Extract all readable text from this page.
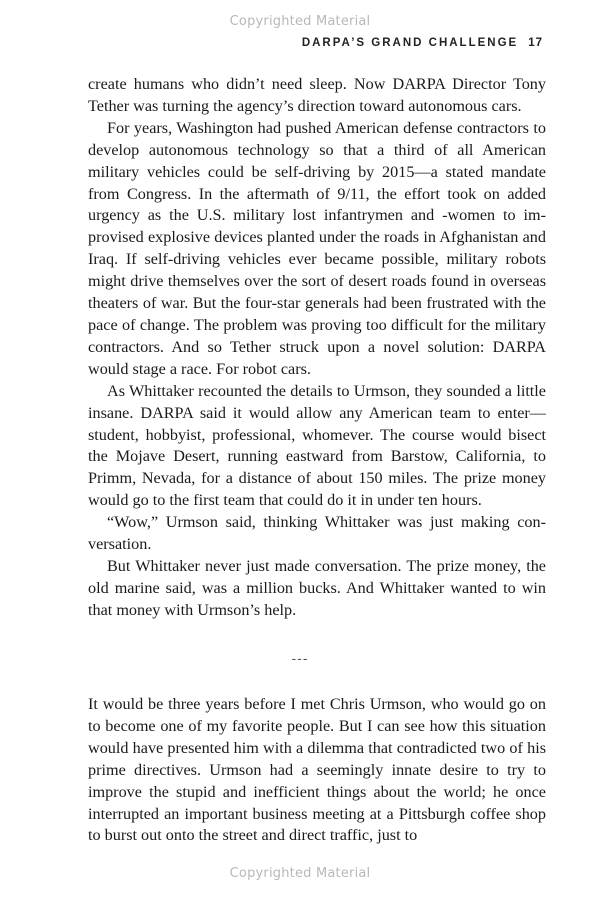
Copyrighted Material
DARPA’S GRAND CHALLENGE 17

create humans who didn’t need sleep. Now DARPA Director Tony Tether was turning the agency’s direction toward autonomous cars.

For years, Washington had pushed American defense contractors to develop autonomous technology so that a third of all American military vehicles could be self-driving by 2015—a stated mandate from Congress. In the aftermath of 9/11, the effort took on added urgency as the U.S. military lost infantrymen and -women to improvised explosive devices planted under the roads in Afghanistan and Iraq. If self-driving vehicles ever became possible, military robots might drive themselves over the sort of desert roads found in overseas theaters of war. But the four-star generals had been frustrated with the pace of change. The problem was proving too difficult for the military contractors. And so Tether struck upon a novel solution: DARPA would stage a race. For robot cars.

As Whittaker recounted the details to Urmson, they sounded a little insane. DARPA said it would allow any American team to enter—student, hobbyist, professional, whomever. The course would bisect the Mojave Desert, running eastward from Barstow, California, to Primm, Nevada, for a distance of about 150 miles. The prize money would go to the first team that could do it in under ten hours.

“Wow,” Urmson said, thinking Whittaker was just making conversation.

But Whittaker never just made conversation. The prize money, the old marine said, was a million bucks. And Whittaker wanted to win that money with Urmson’s help.

---

It would be three years before I met Chris Urmson, who would go on to become one of my favorite people. But I can see how this situation would have presented him with a dilemma that contradicted two of his prime directives. Urmson had a seemingly innate desire to try to improve the stupid and inefficient things about the world; he once interrupted an important business meeting at a Pittsburgh coffee shop to burst out onto the street and direct traffic, just to

Copyrighted Material
